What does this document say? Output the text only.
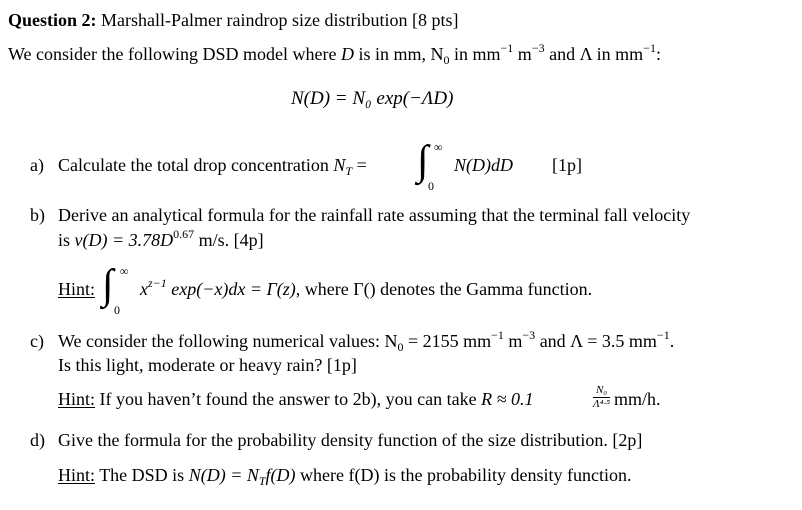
Question 2: Marshall-Palmer raindrop size distribution [8 pts]
We consider the following DSD model where D is in mm, $N_0$ in $mm^{-1}$ $m^{-3}$ and Λ in $mm^{-1}$:
N(D) = N₀ exp(−ΛD)
a) Calculate the total drop concentration $N_T$ = ∫ ∞
0
N(D)dD [1p]
b) Derive an analytical formula for the rainfall rate assuming that the terminal fall velocity
is $v(D) = 3.78D^{0.67}$ m/s. [4p]
Hint: ∫ ∞
0
$x^{z-1}$ exp(−x)dx = Γ(z), where Γ() denotes the Gamma function.
c) We consider the following numerical values: $N_0 = 2155$ $mm^{-1}$ $m^{-3}$ and Λ = 3.5 $mm^{-1}$.
Is this light, moderate or heavy rain? [1p]
Hint: If you haven’t found the answer to 2b), you can take R ≈ 0.1	$\frac{\text{N₀}}{\text{Λ⁴·⁵}} mm/h$.
d) Give the formula for the probability density function of the size distribution. [2p]
Hint: The DSD is $N(D) = N_Tf(D)$ where f(D) is the probability density function.
